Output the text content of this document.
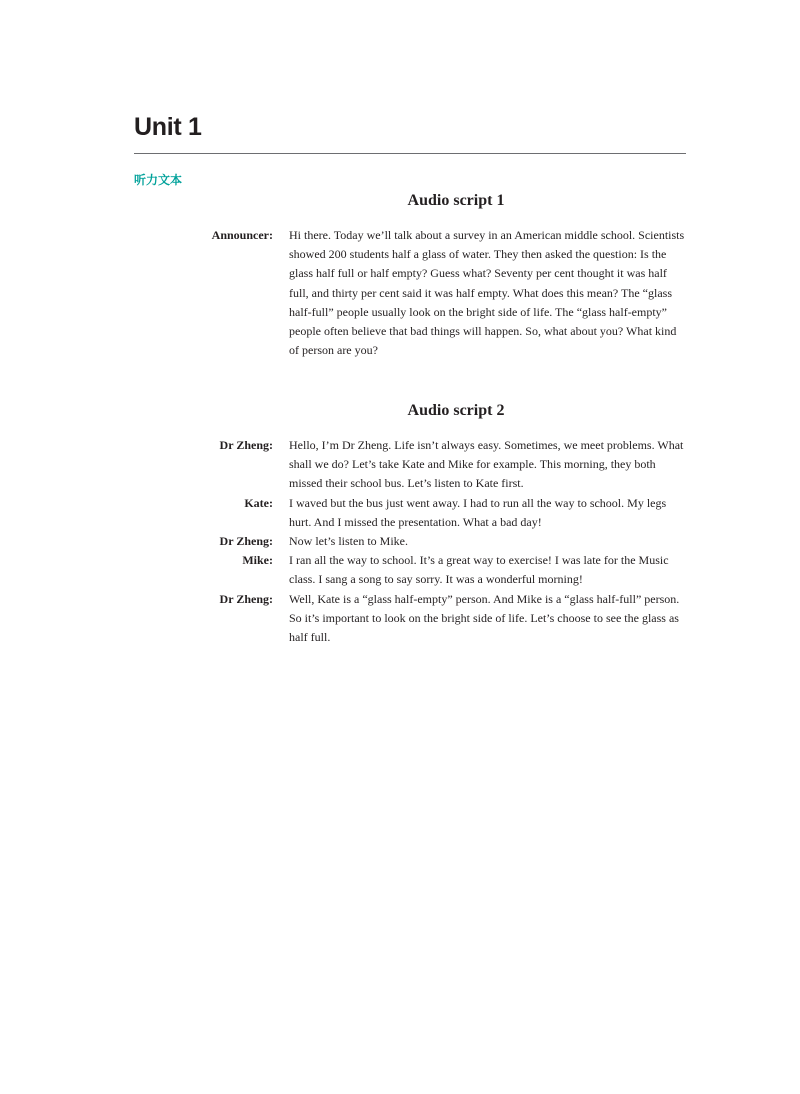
Unit 1
听力文本
Audio script 1
Announcer: Hi there. Today we’ll talk about a survey in an American middle school. Scientists showed 200 students half a glass of water. They then asked the question: Is the glass half full or half empty? Guess what? Seventy per cent thought it was half full, and thirty per cent said it was half empty. What does this mean? The “glass half-full” people usually look on the bright side of life. The “glass half-empty” people often believe that bad things will happen. So, what about you? What kind of person are you?
Audio script 2
Dr Zheng: Hello, I’m Dr Zheng. Life isn’t always easy. Sometimes, we meet problems. What shall we do? Let’s take Kate and Mike for example. This morning, they both missed their school bus. Let’s listen to Kate first.
Kate: I waved but the bus just went away. I had to run all the way to school. My legs hurt. And I missed the presentation. What a bad day!
Dr Zheng: Now let’s listen to Mike.
Mike: I ran all the way to school. It’s a great way to exercise! I was late for the Music class. I sang a song to say sorry. It was a wonderful morning!
Dr Zheng: Well, Kate is a “glass half-empty” person. And Mike is a “glass half-full” person. So it’s important to look on the bright side of life. Let’s choose to see the glass as half full.
